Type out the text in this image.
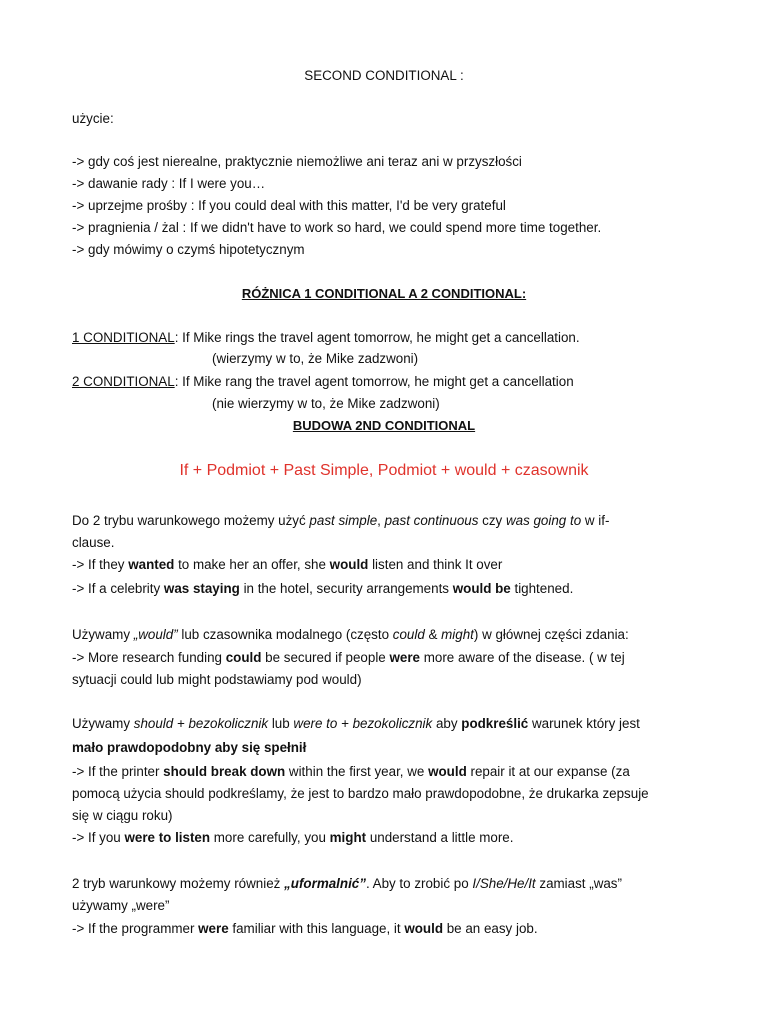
SECOND CONDITIONAL :
użycie:
-> gdy coś jest nierealne, praktycznie niemożliwe ani teraz ani w przyszłości
-> dawanie rady : If I were you…
-> uprzejme prośby : If you could deal with this matter, I'd be very grateful
-> pragnienia / żal : If we didn't have to work so hard, we could spend more time together.
-> gdy mówimy o czymś hipotetycznym
RÓŻNICA 1 CONDITIONAL A 2 CONDITIONAL:
1 CONDITIONAL: If Mike rings the travel agent tomorrow, he might get a cancellation.
(wierzymy w to, że Mike zadzwoni)
2 CONDITIONAL: If Mike rang the travel agent tomorrow, he might get a cancellation
(nie wierzymy w to, że Mike zadzwoni)
BUDOWA 2ND CONDITIONAL
If + Podmiot + Past Simple, Podmiot + would + czasownik
Do 2 trybu warunkowego możemy użyć past simple, past continuous czy was going to w if-
clause.
-> If they wanted to make her an offer, she would listen and think It over
-> If a celebrity was staying in the hotel, security arrangements would be tightened.
Używamy „would” lub czasownika modalnego (często could & might) w głównej części zdania:
-> More research funding could be secured if people were more aware of the disease. ( w tej
sytuacji could lub might podstawiamy pod would)
Używamy should + bezokolicznik lub were to + bezokolicznik aby podkreślić warunek który jest
mało prawdopodobny aby się spełnił
-> If the printer should break down within the first year, we would repair it at our expanse (za
pomocą użycia should podkreślamy, że jest to bardzo mało prawdopodobne, że drukarka zepsuje
się w ciągu roku)
-> If you were to listen more carefully, you might understand a little more.
2 tryb warunkowy możemy również „uformalnić”. Aby to zrobić po I/She/He/It zamiast „was”
używamy „were”
-> If the programmer were familiar with this language, it would be an easy job.
